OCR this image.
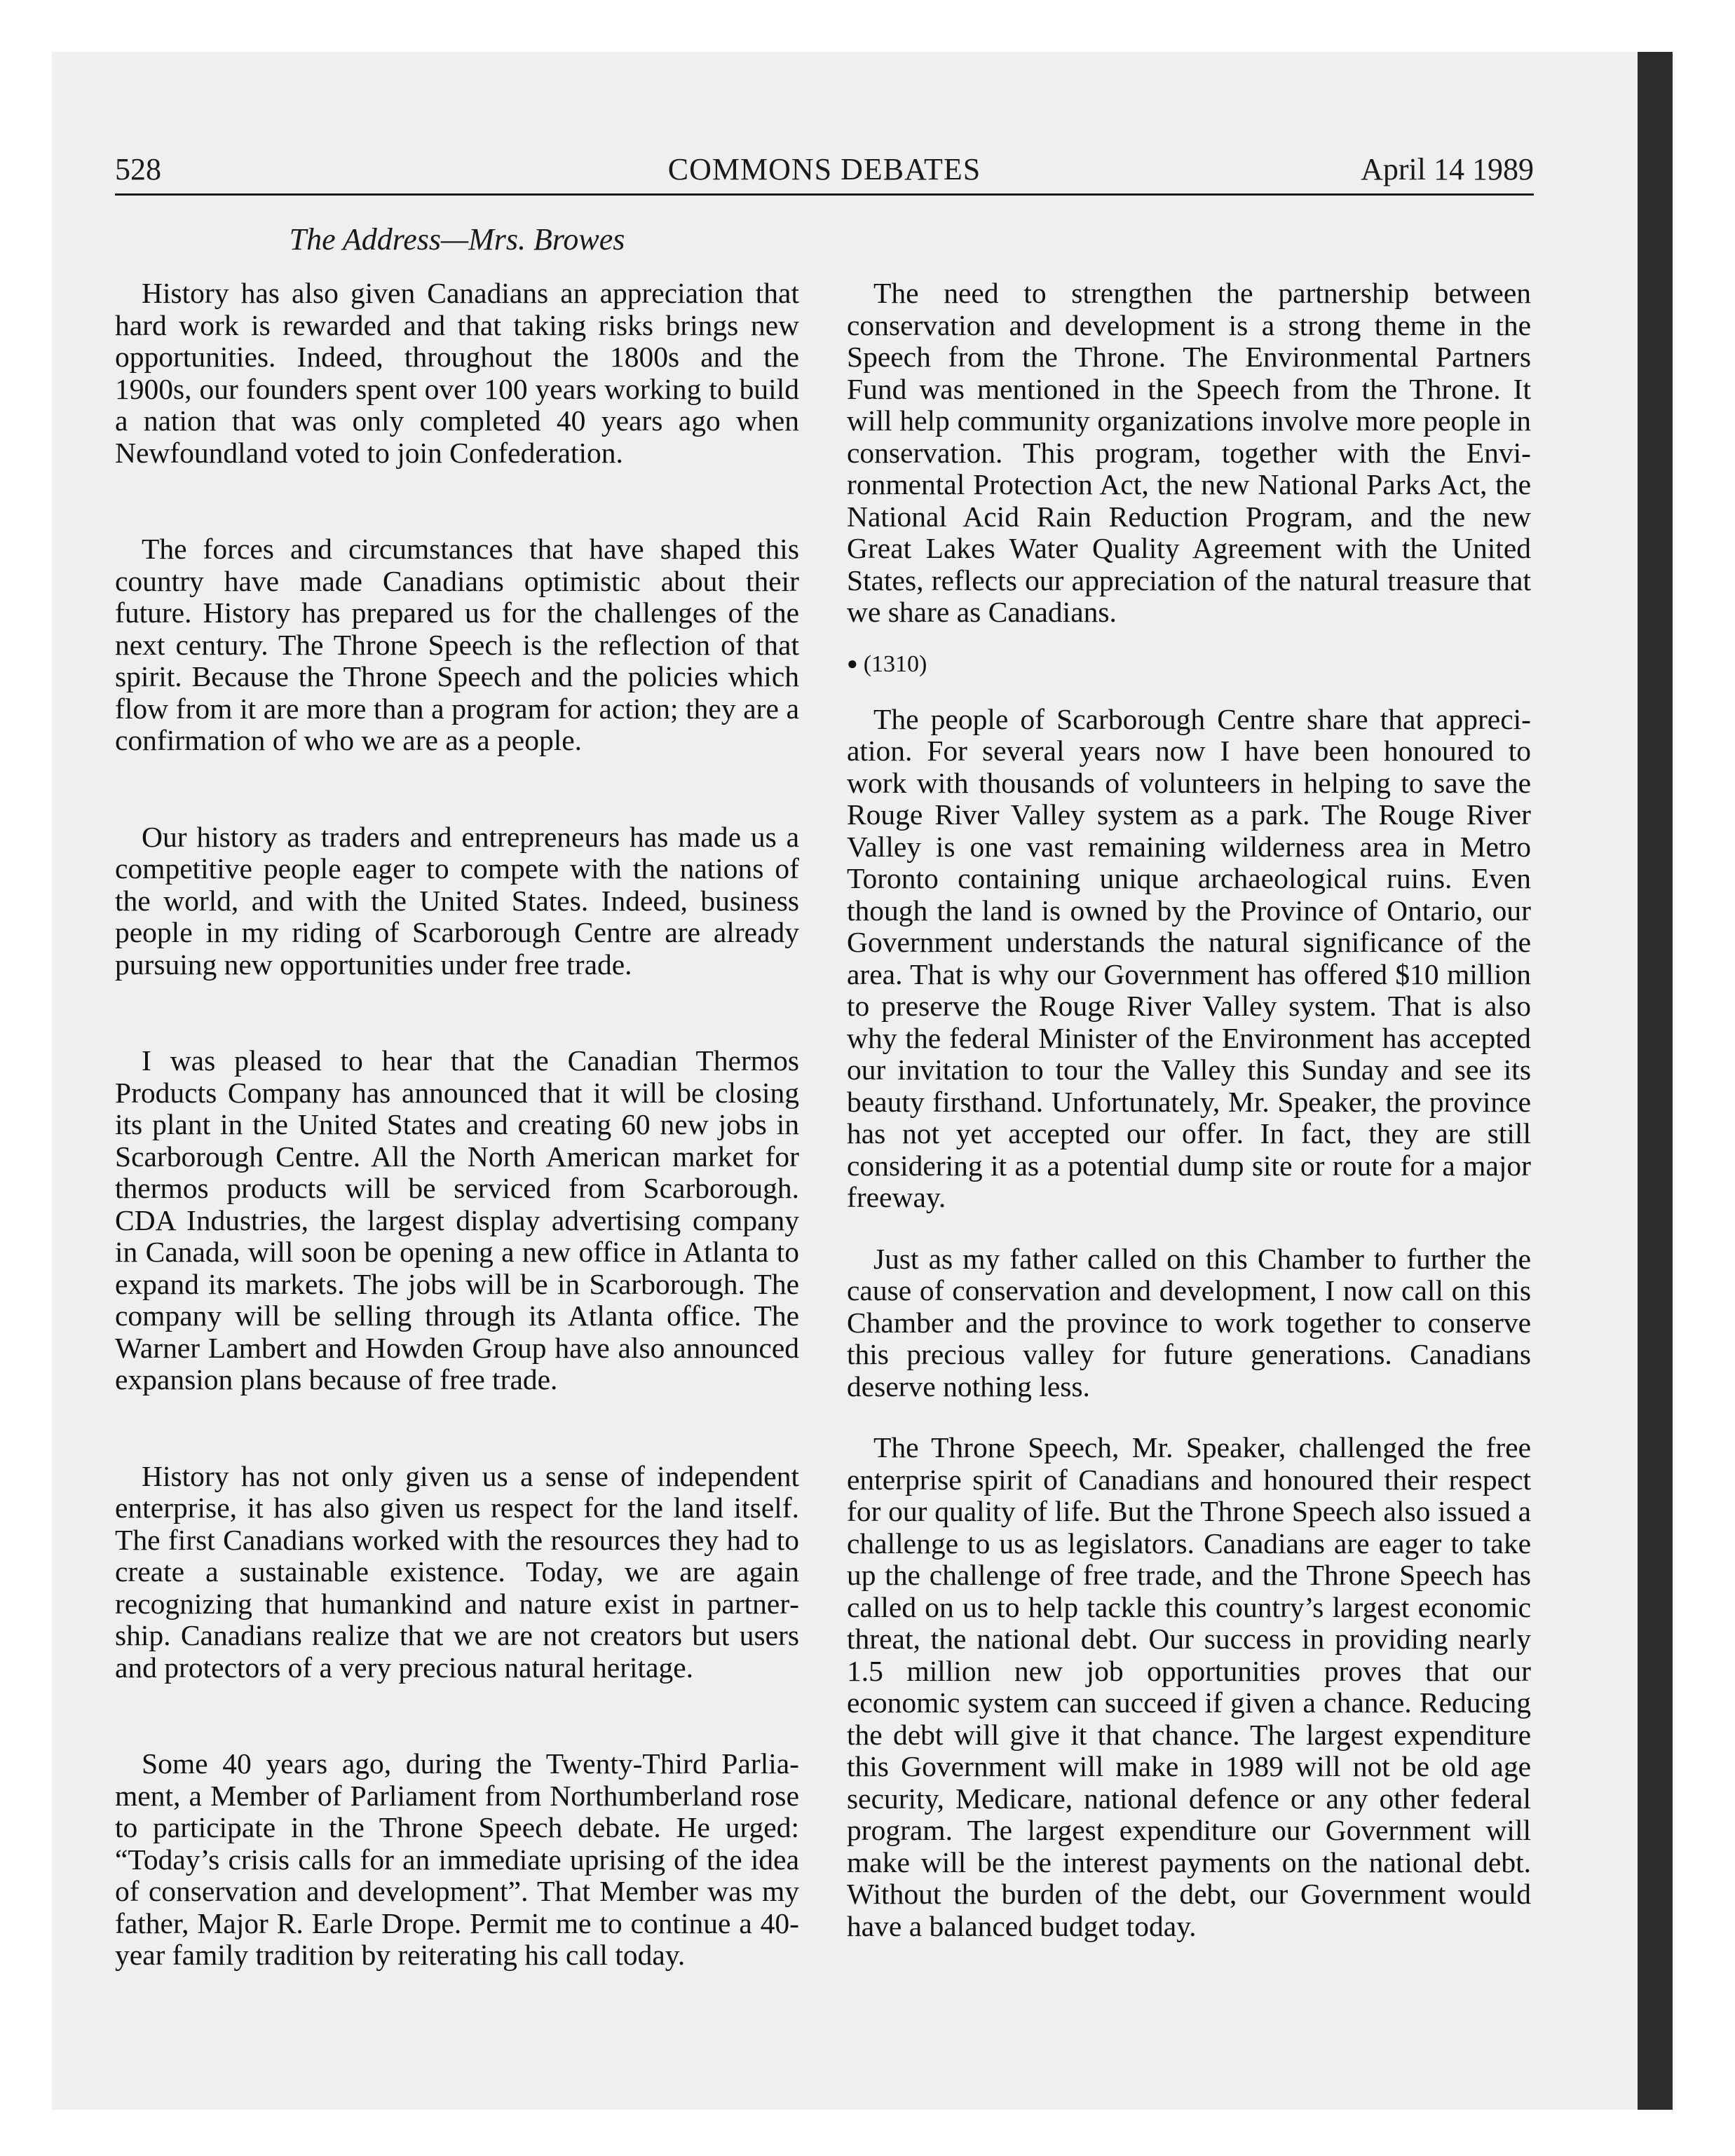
528	COMMONS DEBATES	April 14 1989
The Address—Mrs. Browes

History has also given Canadians an appreciation that hard work is rewarded and that taking risks brings new opportunities. Indeed, throughout the 1800s and the 1900s, our founders spent over 100 years working to build a nation that was only completed 40 years ago when Newfoundland voted to join Confederation.

The forces and circumstances that have shaped this country have made Canadians optimistic about their future. History has prepared us for the challenges of the next century. The Throne Speech is the reflection of that spirit. Because the Throne Speech and the policies which flow from it are more than a program for action; they are a confirmation of who we are as a people.

Our history as traders and entrepreneurs has made us a competitive people eager to compete with the nations of the world, and with the United States. Indeed, business people in my riding of Scarborough Centre are already pursuing new opportunities under free trade.

I was pleased to hear that the Canadian Thermos Products Company has announced that it will be closing its plant in the United States and creating 60 new jobs in Scarborough Centre. All the North American market for thermos products will be serviced from Scarborough. CDA Industries, the largest display advertising company in Canada, will soon be opening a new office in Atlanta to expand its markets. The jobs will be in Scarborough. The company will be selling through its Atlanta office. The Warner Lambert and Howden Group have also announced expansion plans because of free trade.

History has not only given us a sense of independent enterprise, it has also given us respect for the land itself. The first Canadians worked with the resources they had to create a sustainable existence. Today, we are again recognizing that humankind and nature exist in partnership. Canadians realize that we are not creators but users and protectors of a very precious natural heritage.

Some 40 years ago, during the Twenty-Third Parliament, a Member of Parliament from Northumberland rose to participate in the Throne Speech debate. He urged: “Today’s crisis calls for an immediate uprising of the idea of conservation and development”. That Member was my father, Major R. Earle Drope. Permit me to continue a 40-year family tradition by reiterating his call today.

The need to strengthen the partnership between conservation and development is a strong theme in the Speech from the Throne. The Environmental Partners Fund was mentioned in the Speech from the Throne. It will help community organizations involve more people in conservation. This program, together with the Environmental Protection Act, the new National Parks Act, the National Acid Rain Reduction Program, and the new Great Lakes Water Quality Agreement with the United States, reflects our appreciation of the natural treasure that we share as Canadians.

● (1310)

The people of Scarborough Centre share that appreciation. For several years now I have been honoured to work with thousands of volunteers in helping to save the Rouge River Valley system as a park. The Rouge River Valley is one vast remaining wilderness area in Metro Toronto containing unique archaeological ruins. Even though the land is owned by the Province of Ontario, our Government understands the natural significance of the area. That is why our Government has offered $10 million to preserve the Rouge River Valley system. That is also why the federal Minister of the Environment has accepted our invitation to tour the Valley this Sunday and see its beauty firsthand. Unfortunately, Mr. Speaker, the province has not yet accepted our offer. In fact, they are still considering it as a potential dump site or route for a major freeway.

Just as my father called on this Chamber to further the cause of conservation and development, I now call on this Chamber and the province to work together to conserve this precious valley for future generations. Canadians deserve nothing less.

The Throne Speech, Mr. Speaker, challenged the free enterprise spirit of Canadians and honoured their respect for our quality of life. But the Throne Speech also issued a challenge to us as legislators. Canadians are eager to take up the challenge of free trade, and the Throne Speech has called on us to help tackle this country’s largest economic threat, the national debt. Our success in providing nearly 1.5 million new job opportunities proves that our economic system can succeed if given a chance. Reducing the debt will give it that chance. The largest expenditure this Government will make in 1989 will not be old age security, Medicare, national defence or any other federal program. The largest expenditure our Government will make will be the interest payments on the national debt. Without the burden of the debt, our Government would have a balanced budget today.
